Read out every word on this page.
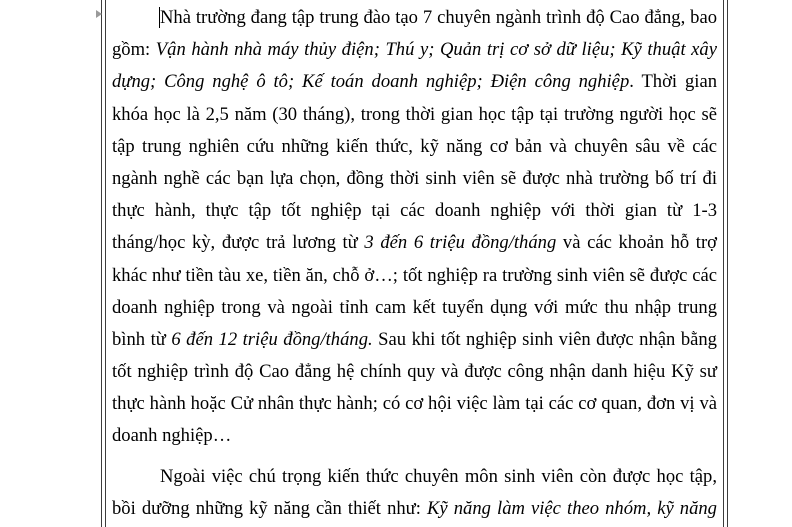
Nhà trường đang tập trung đào tạo 7 chuyên ngành trình độ Cao đẳng, bao
gồm: Vận hành nhà máy thủy điện; Thú y; Quản trị cơ sở dữ liệu; Kỹ thuật xây
dựng; Công nghệ ô tô; Kế toán doanh nghiệp; Điện công nghiệp. Thời gian
khóa học là 2,5 năm (30 tháng), trong thời gian học tập tại trường người học sẽ
tập trung nghiên cứu những kiến thức, kỹ năng cơ bản và chuyên sâu về các
ngành nghề các bạn lựa chọn, đồng thời sinh viên sẽ được nhà trường bố trí đi
thực hành, thực tập tốt nghiệp tại các doanh nghiệp với thời gian từ 1-3
tháng/học kỳ, được trả lương từ 3 đến 6 triệu đồng/tháng và các khoản hỗ trợ
khác như tiền tàu xe, tiền ăn, chỗ ở…; tốt nghiệp ra trường sinh viên sẽ được các
doanh nghiệp trong và ngoài tỉnh cam kết tuyển dụng với mức thu nhập trung
bình từ 6 đến 12 triệu đồng/tháng. Sau khi tốt nghiệp sinh viên được nhận bằng
tốt nghiệp trình độ Cao đẳng hệ chính quy và được công nhận danh hiệu Kỹ sư
thực hành hoặc Cử nhân thực hành; có cơ hội việc làm tại các cơ quan, đơn vị và
doanh nghiệp…
Ngoài việc chú trọng kiến thức chuyên môn sinh viên còn được học tập,
bồi dưỡng những kỹ năng cần thiết như: Kỹ năng làm việc theo nhóm, kỹ năng
